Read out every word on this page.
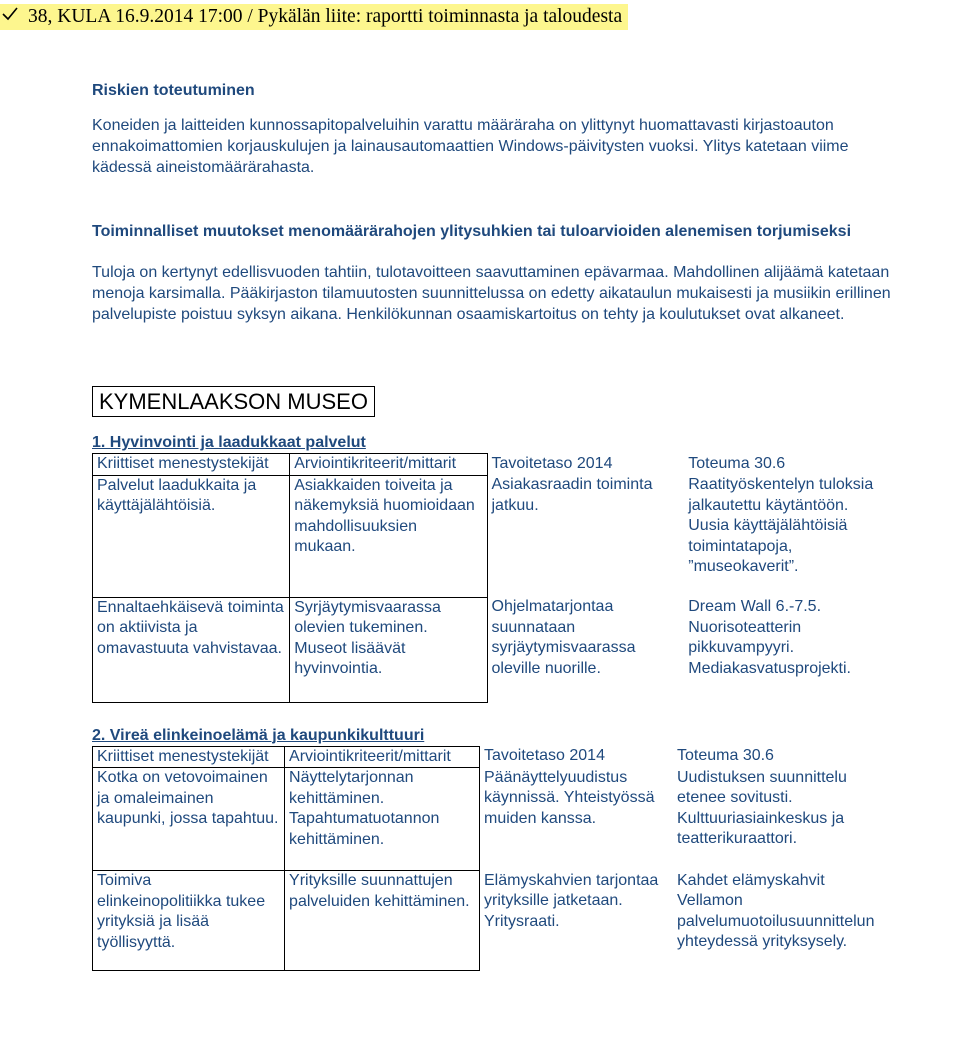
38, KULA 16.9.2014 17:00 / Pykälän liite: raportti toiminnasta ja taloudesta
Riskien toteutuminen

Koneiden ja laitteiden kunnossapitopalveluihin varattu määräraha on ylittynyt huomattavasti kirjastoauton ennakoimattomien korjauskulujen ja lainausautomaattien Windows-päivitysten vuoksi. Ylitys katetaan viime kädessä aineistomäärärahasta.

Toiminnalliset muutokset menomäärärahojen ylitysuhkien tai tuloarvioiden alenemisen torjumiseksi

Tuloja on kertynyt edellisvuoden tahtiin, tulotavoitteen saavuttaminen epävarmaa. Mahdollinen alijäämä katetaan menoja karsimalla. Pääkirjaston tilamuutosten suunnittelussa on edetty aikataulun mukaisesti ja musiikin erillinen palvelupiste poistuu syksyn aikana. Henkilökunnan osaamiskartoitus on tehty ja koulutukset ovat alkaneet.

KYMENLAAKSON MUSEO
1. Hyvinvointi ja laadukkaat palvelut
Kriittiset menestystekijät	Arviointikriteerit/mittarit	Tavoitetaso 2014	Toteuma 30.6
Palvelut laadukkaita ja käyttäjälähtöisiä.	Asiakkaiden toiveita ja näkemyksiä huomioidaan mahdollisuuksien mukaan.	Asiakasraadin toiminta jatkuu.	Raatityöskentelyn tuloksia jalkautettu käytäntöön. Uusia käyttäjälähtöisiä toimintatapoja, ”museokaverit”.
Ennaltaehkäisevä toiminta on aktiivista ja omavastuuta vahvistavaa.	Syrjäytymisvaarassa olevien tukeminen. Museot lisäävät hyvinvointia.	Ohjelmatarjontaa suunnataan syrjäytymisvaarassa oleville nuorille.	Dream Wall 6.-7.5. Nuorisoteatterin pikkuvampyyri. Mediakasvatusprojekti.
2. Vireä elinkeinoelämä ja kaupunkikulttuuri
Kriittiset menestystekijät	Arviointikriteerit/mittarit	Tavoitetaso 2014	Toteuma 30.6
Kotka on vetovoimainen ja omaleimainen kaupunki, jossa tapahtuu.	Näyttelytarjonnan kehittäminen. Tapahtumatuotannon kehittäminen.	Päänäyttelyuudistus käynnissä. Yhteistyössä muiden kanssa.	Uudistuksen suunnittelu etenee sovitusti. Kulttuuriasiainkeskus ja teatterikuraattori.
Toimiva elinkeinopolitiikka tukee yrityksiä ja lisää työllisyyttä.	Yrityksille suunnattujen palveluiden kehittäminen.	Elämyskahvien tarjontaa yrityksille jatketaan. Yritysraati.	Kahdet elämyskahvit Vellamon palvelumuotoilusuunnittelun yhteydessä yrityksyselу.
